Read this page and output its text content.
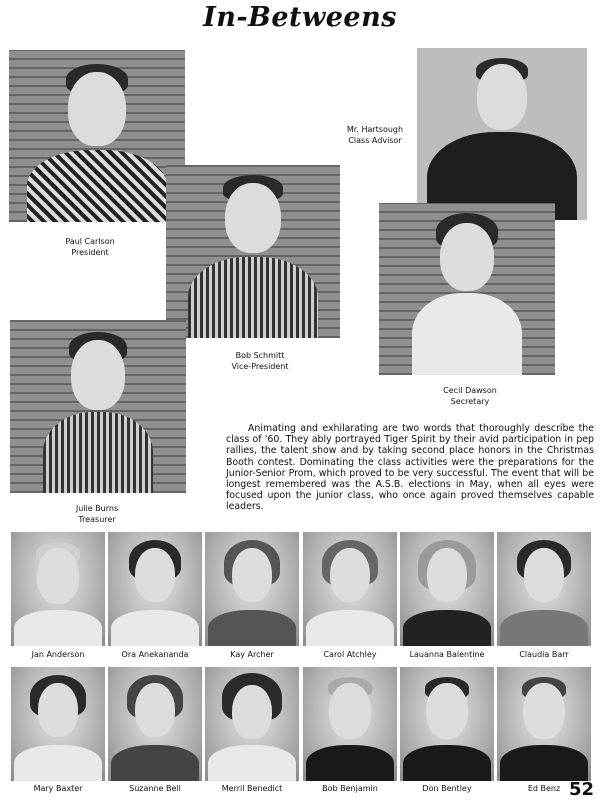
In-Betweens
Paul Carlson
President
Bob Schmitt
Vice-President
Mr. Hartsough
Class Advisor
Cecil Dawson
Secretary
Julie Burns
Treasurer
Animating and exhilarating are two words that thoroughly describe the class of '60. They ably portrayed Tiger Spirit by their avid participation in pep rallies, the talent show and by taking second place honors in the Christmas Booth contest. Dominating the class activities were the preparations for the Junior-Senior Prom, which proved to be very successful. The event that will be longest remembered was the A.S.B. elections in May, when all eyes were focused upon the junior class, who once again proved themselves capable leaders.
Jan Anderson	Ora Anekananda	Kay Archer	Carol Atchley	Lauanna Balentine	Claudia Barr
Mary Baxter	Suzanne Bell	Merril Benedict	Bob Benjamin	Don Bentley	Ed Benz 52
